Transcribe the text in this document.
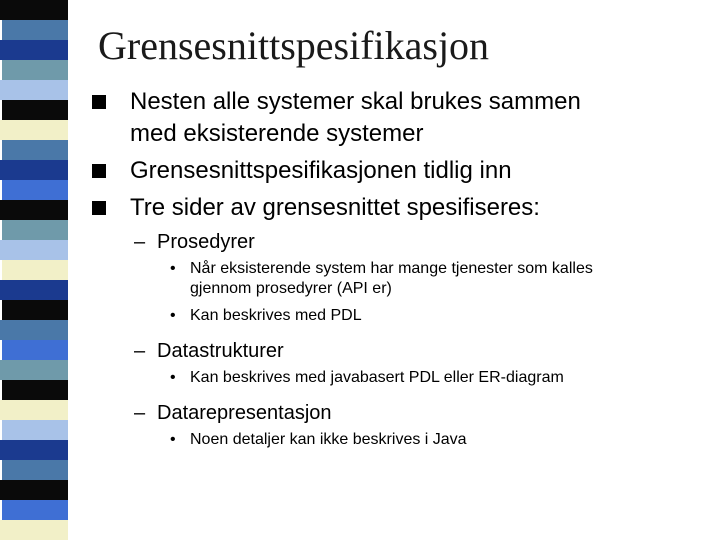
Grensesnittspesifikasjon
Nesten alle systemer skal brukes sammen
med eksisterende systemer
Grensesnittspesifikasjonen tidlig inn
Tre sider av grensesnittet spesifiseres:
– Prosedyrer
• Når eksisterende system har mange tjenester som kalles
gjennom prosedyrer (API er)
• Kan beskrives med PDL
– Datastrukturer
• Kan beskrives med javabasert PDL eller ER-diagram
– Datarepresentasjon
• Noen detaljer kan ikke beskrives i Java
